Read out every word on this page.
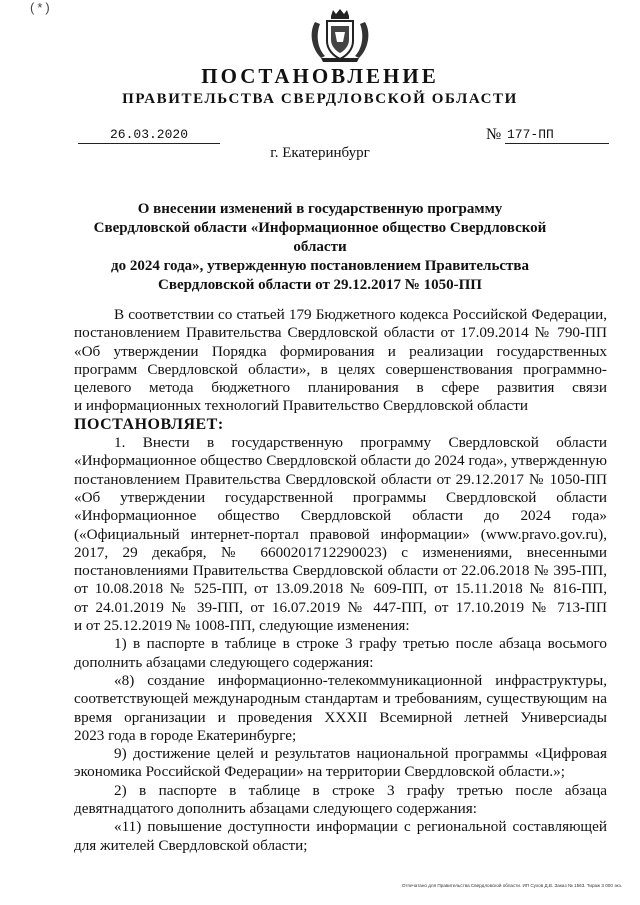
(*)
ПОСТАНОВЛЕНИЕ
ПРАВИТЕЛЬСТВА СВЕРДЛОВСКОЙ ОБЛАСТИ
26.03.2020	№ 177-ПП
г. Екатеринбург
О внесении изменений в государственную программу
Свердловской области «Информационное общество Свердловской области
до 2024 года», утвержденную постановлением Правительства
Свердловской области от 29.12.2017 № 1050-ПП

В соответствии со статьей 179 Бюджетного кодекса Российской Федерации,

постановлением Правительства Свердловской области от 17.09.2014 № 790-ПП

«Об утверждении Порядка формирования и реализации государственных

программ Свердловской области», в целях совершенствования программно-

целевого метода бюджетного планирования в сфере развития связи

и информационных технологий Правительство Свердловской области

ПОСТАНОВЛЯЕТ:

1. Внести в государственную программу Свердловской области

«Информационное общество Свердловской области до 2024 года», утвержденную

постановлением Правительства Свердловской области от 29.12.2017 № 1050-ПП

«Об утверждении государственной программы Свердловской области

«Информационное общество Свердловской области до 2024 года»

(«Официальный интернет-портал правовой информации» (www.pravo.gov.ru),

2017, 29 декабря, № 6600201712290023) с изменениями, внесенными

постановлениями Правительства Свердловской области от 22.06.2018 № 395-ПП,

от 10.08.2018 № 525-ПП, от 13.09.2018 № 609-ПП, от 15.11.2018 № 816-ПП,

от 24.01.2019 № 39-ПП, от 16.07.2019 № 447-ПП, от 17.10.2019 № 713-ПП

и от 25.12.2019 № 1008-ПП, следующие изменения:

1) в паспорте в таблице в строке 3 графу третью после абзаца восьмого

дополнить абзацами следующего содержания:

«8) создание информационно-телекоммуникационной инфраструктуры,

соответствующей международным стандартам и требованиям, существующим на

время организации и проведения XXXII Всемирной летней Универсиады

2023 года в городе Екатеринбурге;

9) достижение целей и результатов национальной программы «Цифровая

экономика Российской Федерации» на территории Свердловской области.»;

2) в паспорте в таблице в строке 3 графу третью после абзаца

девятнадцатого дополнить абзацами следующего содержания:

«11) повышение доступности информации с региональной составляющей

для жителей Свердловской области;

Отпечатано для Правительства Свердловской области. ИП Сухов Д.В. Заказ № 1563. Тираж 3 000 экз.
